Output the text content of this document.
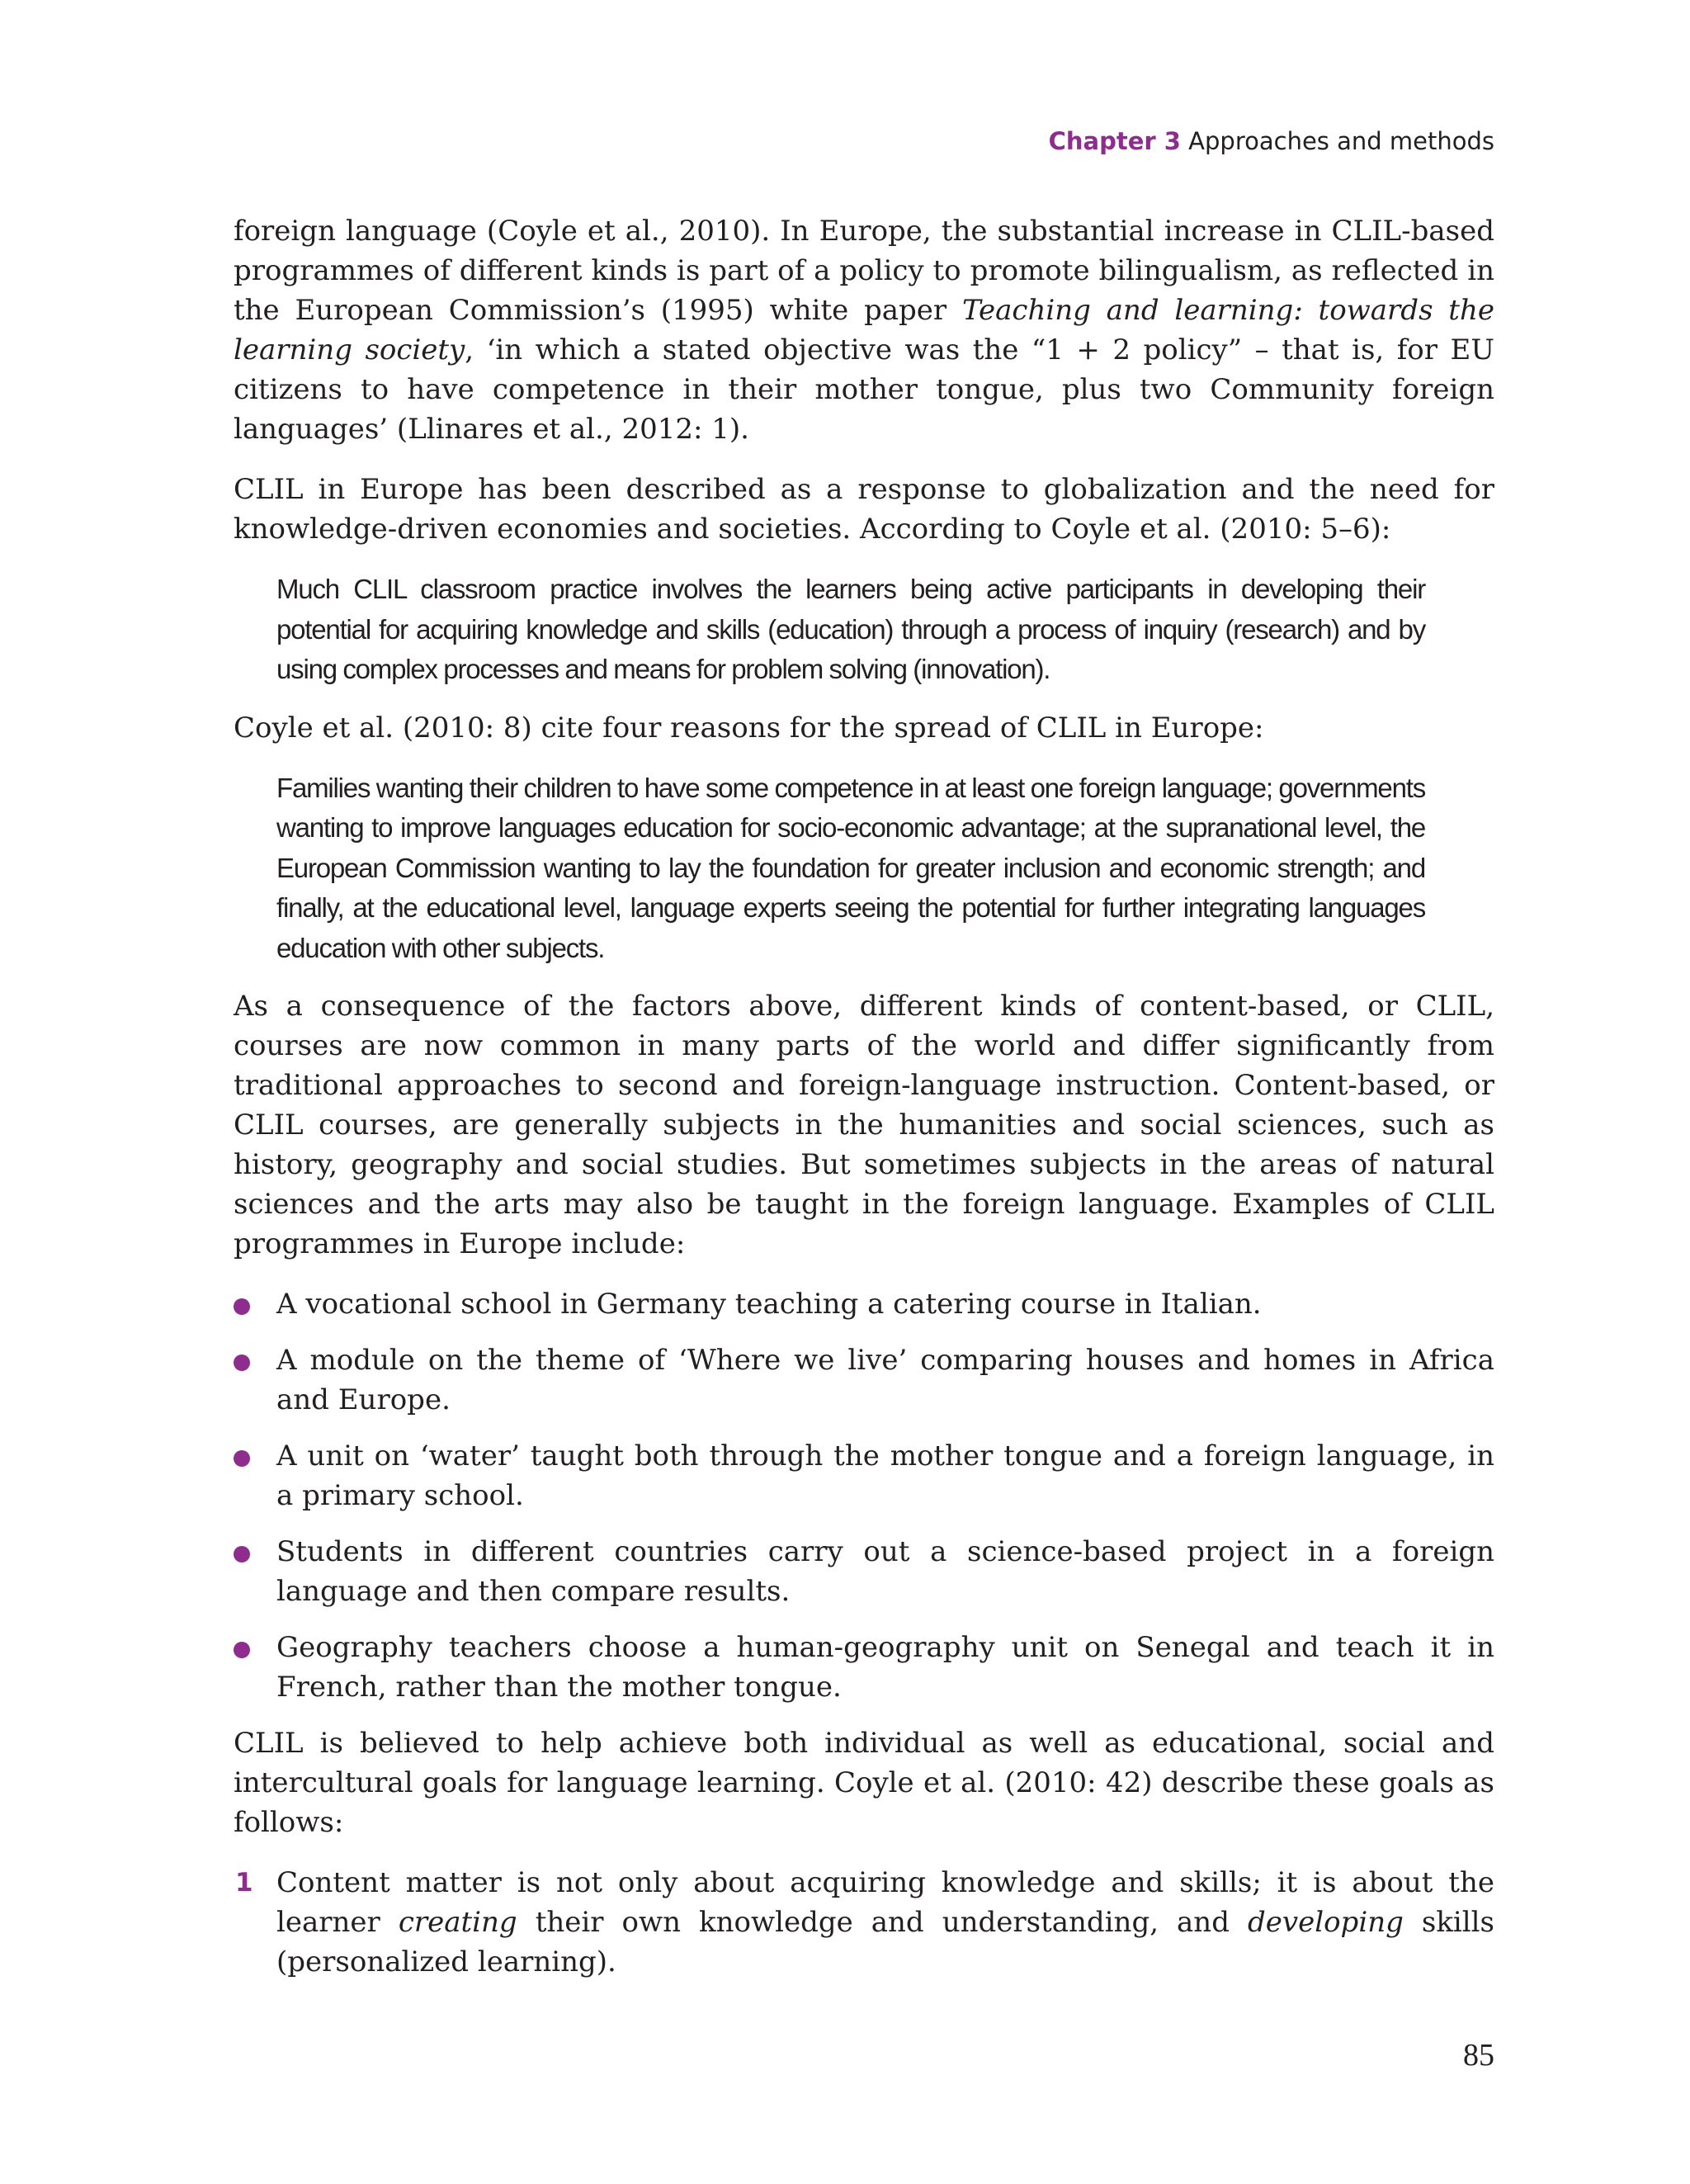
Chapter 3 Approaches and methods

foreign language (Coyle et al., 2010). In Europe, the substantial increase in CLIL-based programmes of different kinds is part of a policy to promote bilingualism, as reflected in the European Commission’s (1995) white paper Teaching and learning: towards the learning society, ‘in which a stated objective was the “1 + 2 policy” – that is, for EU citizens to have competence in their mother tongue, plus two Community foreign languages’ (Llinares et al., 2012: 1).

CLIL in Europe has been described as a response to globalization and the need for knowledge-driven economies and societies. According to Coyle et al. (2010: 5–6):

Much CLIL classroom practice involves the learners being active participants in developing their potential for acquiring knowledge and skills (education) through a process of inquiry (research) and by using complex processes and means for problem solving (innovation).

Coyle et al. (2010: 8) cite four reasons for the spread of CLIL in Europe:

Families wanting their children to have some competence in at least one foreign language; governments wanting to improve languages education for socio-economic advantage; at the supranational level, the European Commission wanting to lay the foundation for greater inclusion and economic strength; and finally, at the educational level, language experts seeing the potential for further integrating languages education with other subjects.

As a consequence of the factors above, different kinds of content-based, or CLIL, courses are now common in many parts of the world and differ significantly from traditional approaches to second and foreign-language instruction. Content-based, or CLIL courses, are generally subjects in the humanities and social sciences, such as history, geography and social studies. But sometimes subjects in the areas of natural sciences and the arts may also be taught in the foreign language. Examples of CLIL programmes in Europe include:

A vocational school in Germany teaching a catering course in Italian.
A module on the theme of ‘Where we live’ comparing houses and homes in Africa and Europe.
A unit on ‘water’ taught both through the mother tongue and a foreign language, in a primary school.
Students in different countries carry out a science-based project in a foreign language and then compare results.
Geography teachers choose a human-geography unit on Senegal and teach it in French, rather than the mother tongue.

CLIL is believed to help achieve both individual as well as educational, social and intercultural goals for language learning. Coyle et al. (2010: 42) describe these goals as follows:

1 Content matter is not only about acquiring knowledge and skills; it is about the learner creating their own knowledge and understanding, and developing skills (personalized learning).
85
